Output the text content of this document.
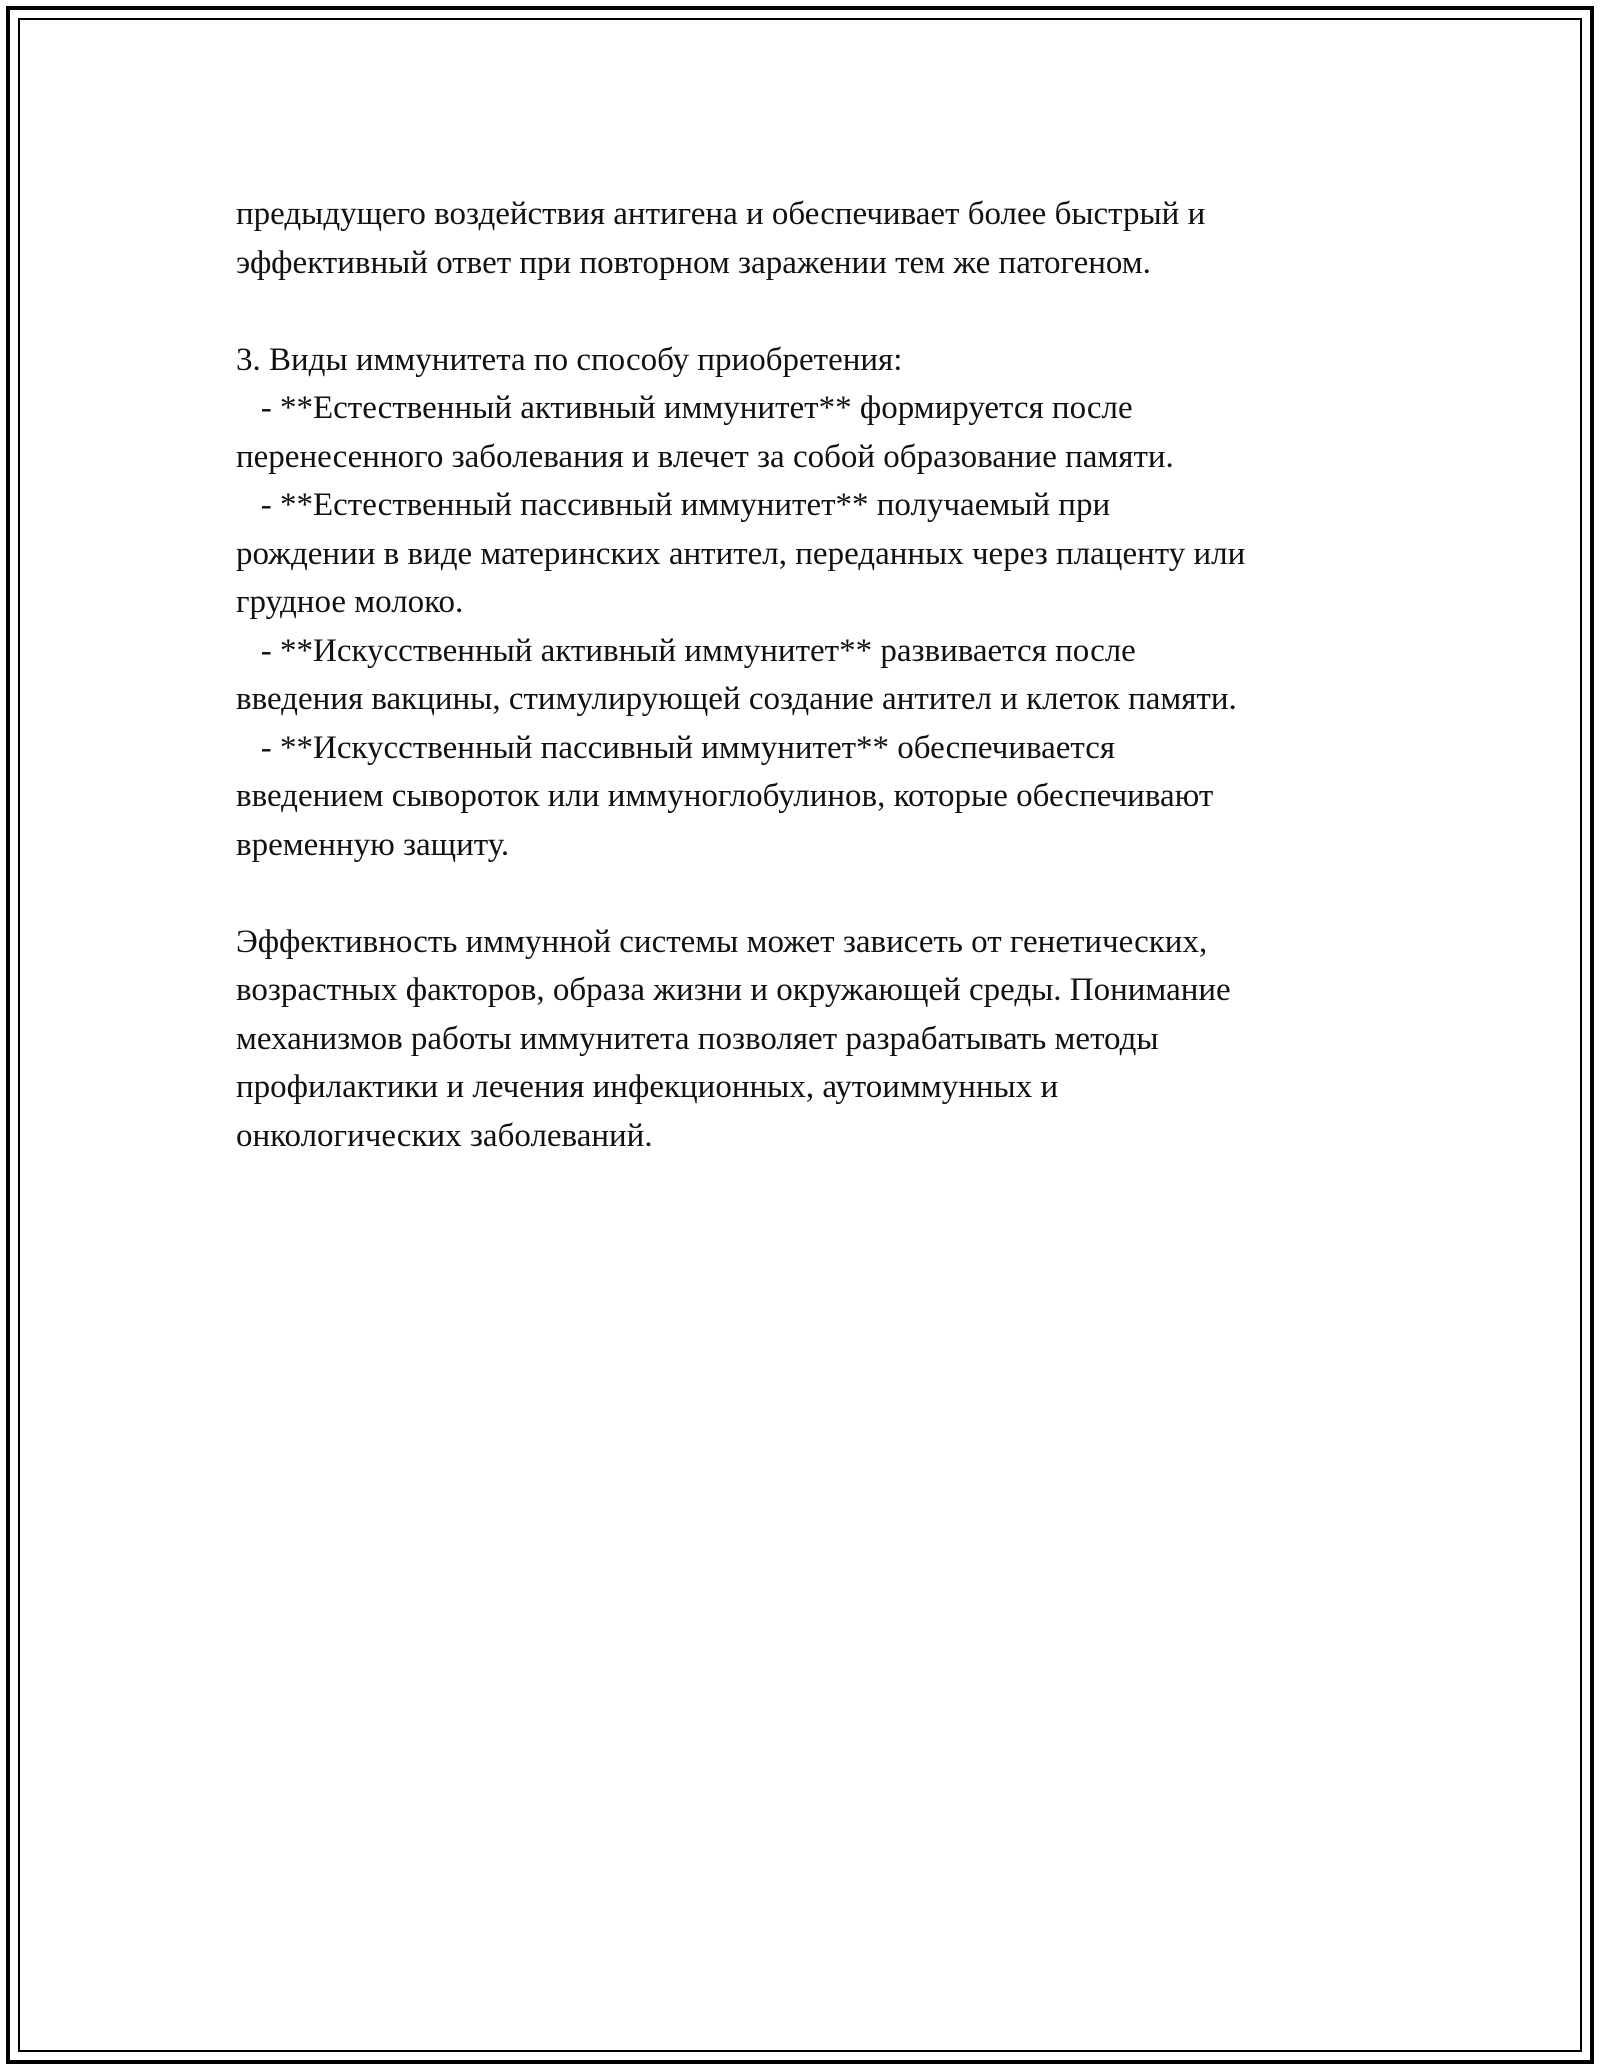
предыдущего воздействия антигена и обеспечивает более быстрый и
эффективный ответ при повторном заражении тем же патогеном.
3. Виды иммунитета по способу приобретения:
- **Естественный активный иммунитет** формируется после
перенесенного заболевания и влечет за собой образование памяти.
- **Естественный пассивный иммунитет** получаемый при
рождении в виде материнских антител, переданных через плаценту или
грудное молоко.
- **Искусственный активный иммунитет** развивается после
введения вакцины, стимулирующей создание антител и клеток памяти.
- **Искусственный пассивный иммунитет** обеспечивается
введением сывороток или иммуноглобулинов, которые обеспечивают
временную защиту.
Эффективность иммунной системы может зависеть от генетических,
возрастных факторов, образа жизни и окружающей среды. Понимание
механизмов работы иммунитета позволяет разрабатывать методы
профилактики и лечения инфекционных, аутоиммунных и
онкологических заболеваний.
